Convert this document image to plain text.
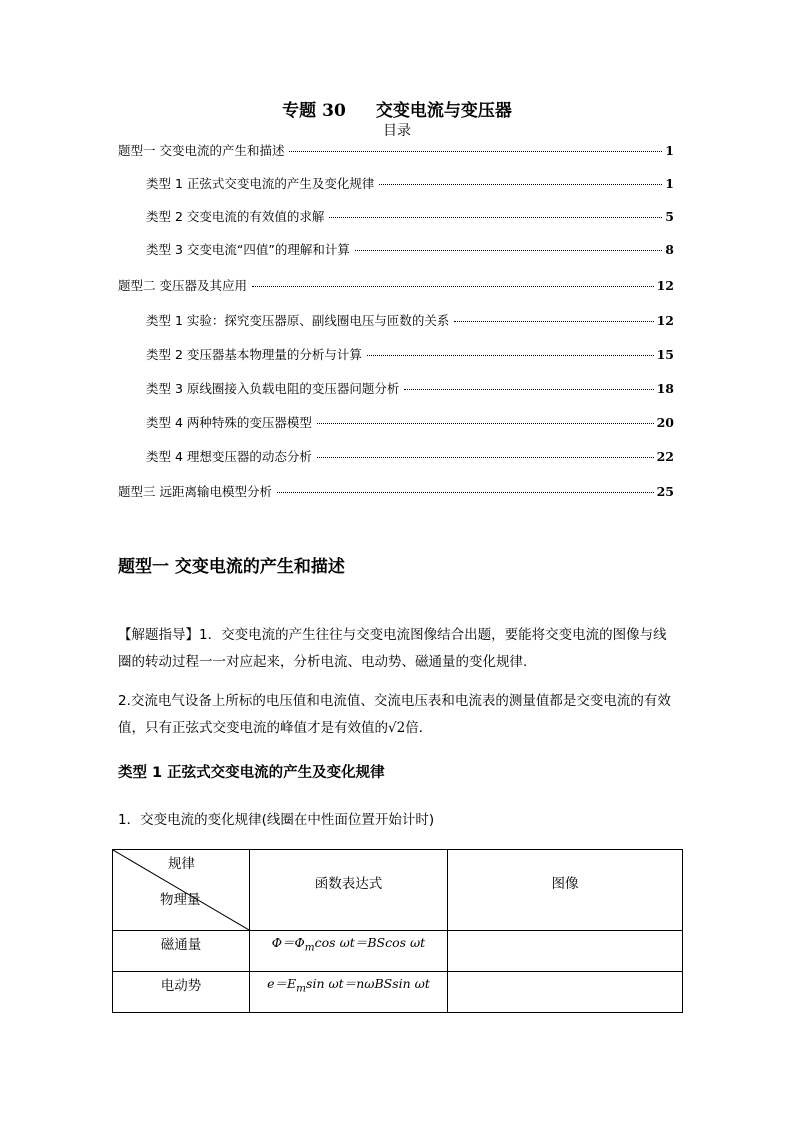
专题 30 交变电流与变压器
目录
题型一 交变电流的产生和描述	1
类型 1 正弦式交变电流的产生及变化规律	1
类型 2 交变电流的有效值的求解	5
类型 3 交变电流“四值”的理解和计算	8
题型二 变压器及其应用	12
类型 1 实验：探究变压器原、副线圈电压与匝数的关系	12
类型 2 变压器基本物理量的分析与计算	15
类型 3 原线圈接入负载电阻的变压器问题分析	18
类型 4 两种特殊的变压器模型	20
类型 4 理想变压器的动态分析	22
题型三 远距离输电模型分析	25
题型一 交变电流的产生和描述
【解题指导】1．交变电流的产生往往与交变电流图像结合出题，要能将交变电流的图像与线圈的转动过程一一对应起来，分析电流、电动势、磁通量的变化规律.
2.交流电气设备上所标的电压值和电流值、交流电压表和电流表的测量值都是交变电流的有效值，只有正弦式交变电流的峰值才是有效值的√2倍．
类型 1 正弦式交变电流的产生及变化规律
1．交变电流的变化规律(线圈在中性面位置开始计时)
规律
物理量	函数表达式	图像

磁通量	$\Phi=\Phi_m\cos$ ωt＝BScos ωt	

电动势	$e=E_m\sin$ ωt＝nωBSsin ωt	
